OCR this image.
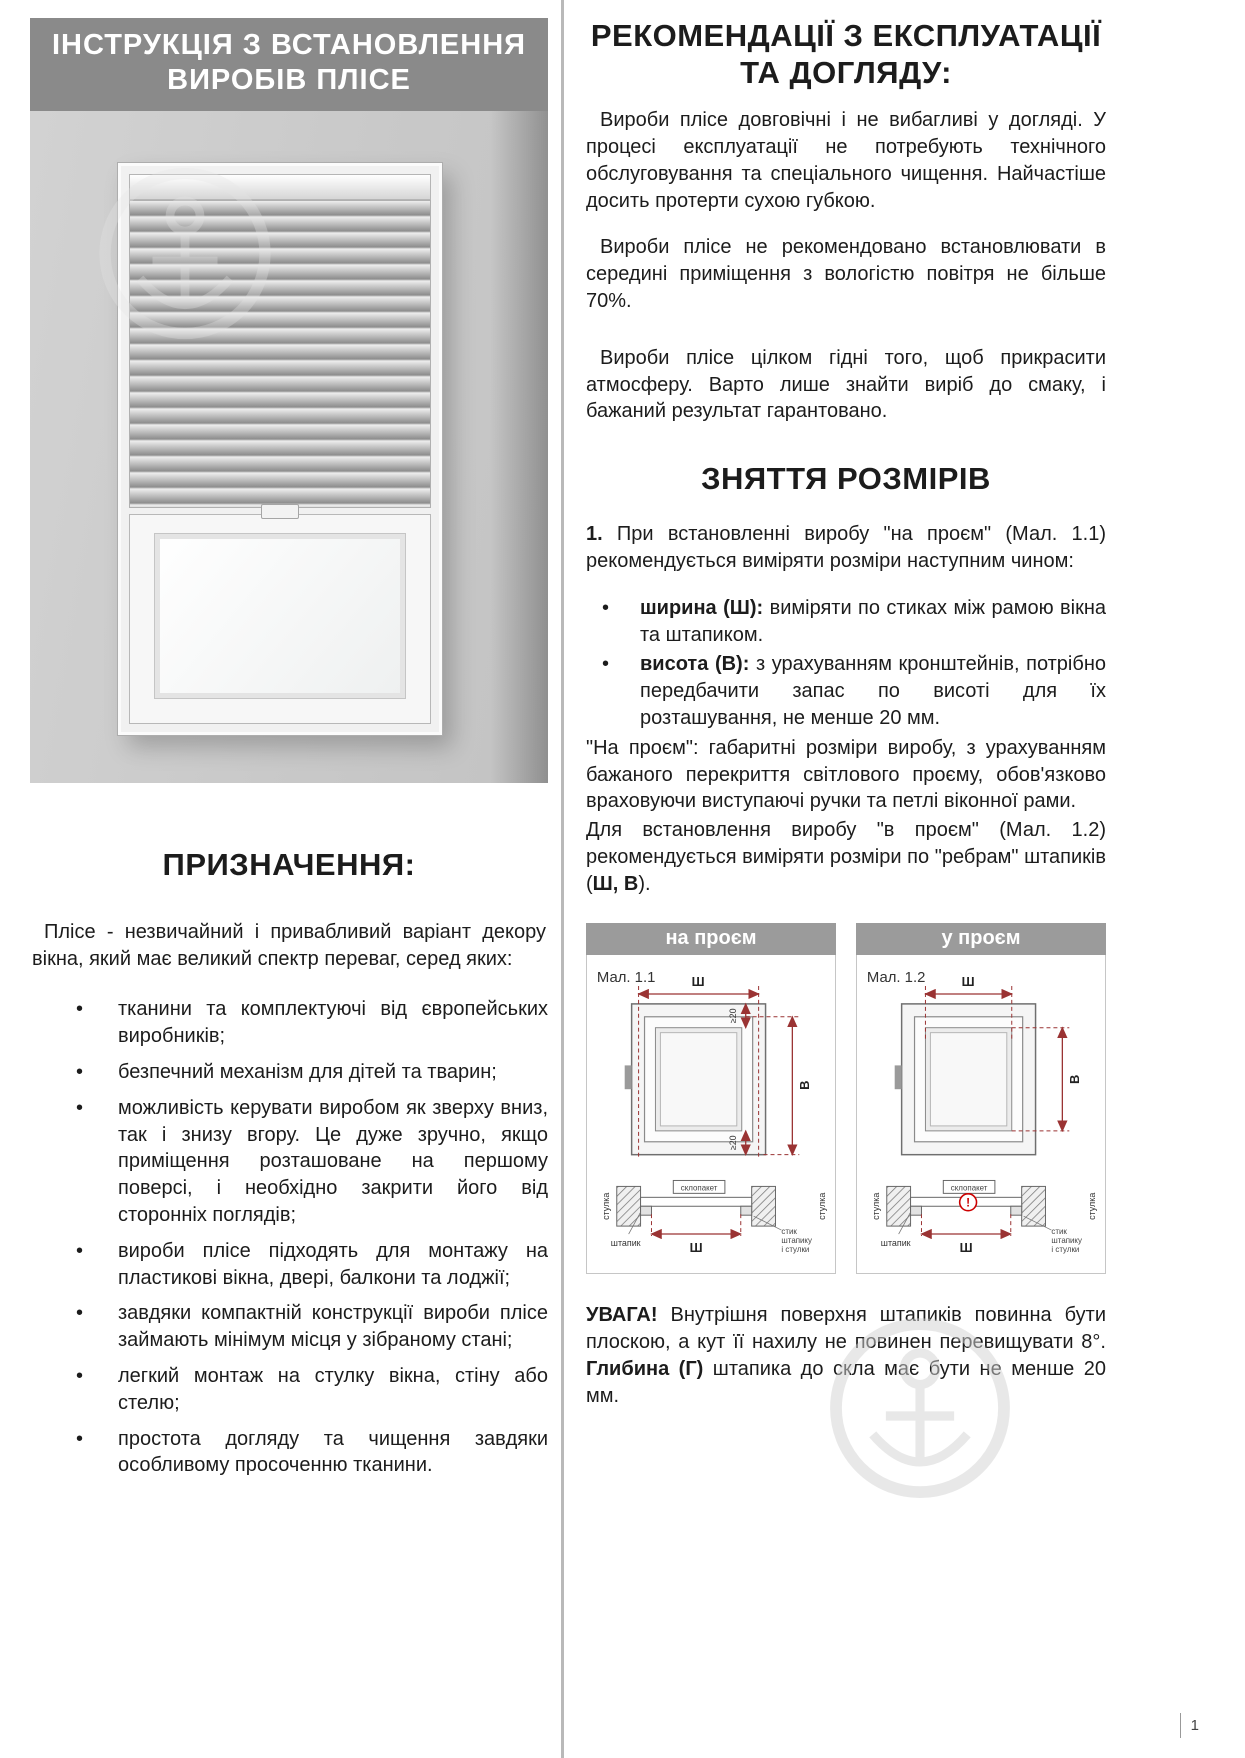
ІНСТРУКЦІЯ З ВСТАНОВЛЕННЯ
ВИРОБІВ ПЛІСЕ
ПРИЗНАЧЕННЯ:

Плісе - незвичайний і привабливий варіант декору вікна, який має великий спектр переваг, серед яких:

• тканини та комплектуючі від європейських виробників;
• безпечний механізм для дітей та тварин;
• можливість керувати виробом як зверху вниз, так і знизу вгору. Це дуже зручно, якщо приміщення розташоване на першому поверсі, і необхідно закрити його від сторонніх поглядів;
• вироби плісе підходять для монтажу на пластикові вікна, двері, балкони та лоджії;
• завдяки компактній конструкції вироби плісе займають мінімум місця у зібраному стані;
• легкий монтаж на стулку вікна, стіну або стелю;
• простота догляду та чищення завдяки особливому просоченню тканини.
РЕКОМЕНДАЦІЇ З ЕКСПЛУАТАЦІЇ
ТА ДОГЛЯДУ:

Вироби плісе довговічні і не вибагливі у догляді. У процесі експлуатації не потребують технічного обслуговування та спеціального чищення. Найчастіше досить протерти сухою губкою.

Вироби плісе не рекомендовано встановлювати в середині приміщення з вологістю повітря не більше 70%.

Вироби плісе цілком гідні того, щоб прикрасити атмосферу. Варто лише знайти виріб до смаку, і бажаний результат гарантовано.

ЗНЯТТЯ РОЗМІРІВ

1. При встановленні виробу "на проєм" (Мал. 1.1) рекомендується виміряти розміри наступним чином:

• ширина (Ш): виміряти по стиках між рамою вікна та штапиком.
• висота (В): з урахуванням кронштейнів, потрібно передбачити запас по висоті для їх розташування, не менше 20 мм.

"На проєм": габаритні розміри виробу, з урахуванням бажаного перекриття світлового проєму, обов'язково враховуючи виступаючі ручки та петлі віконної рами.

Для встановлення виробу "в проєм" (Мал. 1.2) рекомендується виміряти розміри по "ребрам" штапиків (Ш, В).

на проєм
Мал. 1.1	Ш
В
≥20
≥20
склопакет
стулка	стулка
штапик	Ш
стик
штапику
і стулки
у проєм
Мал. 1.2	Ш
В
склопакет
!
стулка	стулка
штапик	Ш
стик
штапику
і стулки

УВАГА! Внутрішня поверхня штапиків повинна бути плоскою, а кут її нахилу не повинен перевищувати 8°. Глибина (Г) штапика до скла має бути не менше 20 мм.

1
